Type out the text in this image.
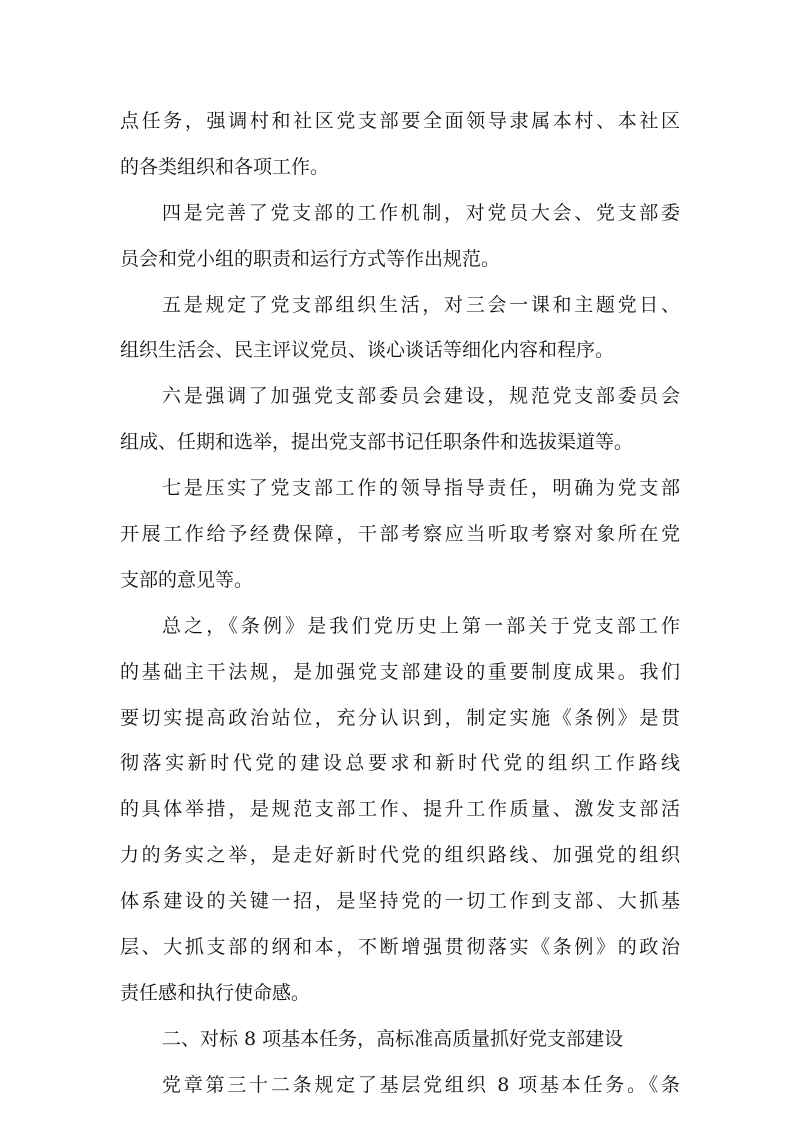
点任务，强调村和社区党支部要全面领导隶属本村、本社区
的各类组织和各项工作。
四是完善了党支部的工作机制，对党员大会、党支部委
员会和党小组的职责和运行方式等作出规范。
五是规定了党支部组织生活，对三会一课和主题党日、
组织生活会、民主评议党员、谈心谈话等细化内容和程序。
六是强调了加强党支部委员会建设，规范党支部委员会
组成、任期和选举，提出党支部书记任职条件和选拔渠道等。
七是压实了党支部工作的领导指导责任，明确为党支部
开展工作给予经费保障，干部考察应当听取考察对象所在党
支部的意见等。
总之，《条例》是我们党历史上第一部关于党支部工作
的基础主干法规，是加强党支部建设的重要制度成果。我们
要切实提高政治站位，充分认识到，制定实施《条例》是贯
彻落实新时代党的建设总要求和新时代党的组织工作路线
的具体举措，是规范支部工作、提升工作质量、激发支部活
力的务实之举，是走好新时代党的组织路线、加强党的组织
体系建设的关键一招，是坚持党的一切工作到支部、大抓基
层、大抓支部的纲和本，不断增强贯彻落实《条例》的政治
责任感和执行使命感。
二、对标 8 项基本任务，高标准高质量抓好党支部建设
党章第三十二条规定了基层党组织 8 项基本任务。《条
